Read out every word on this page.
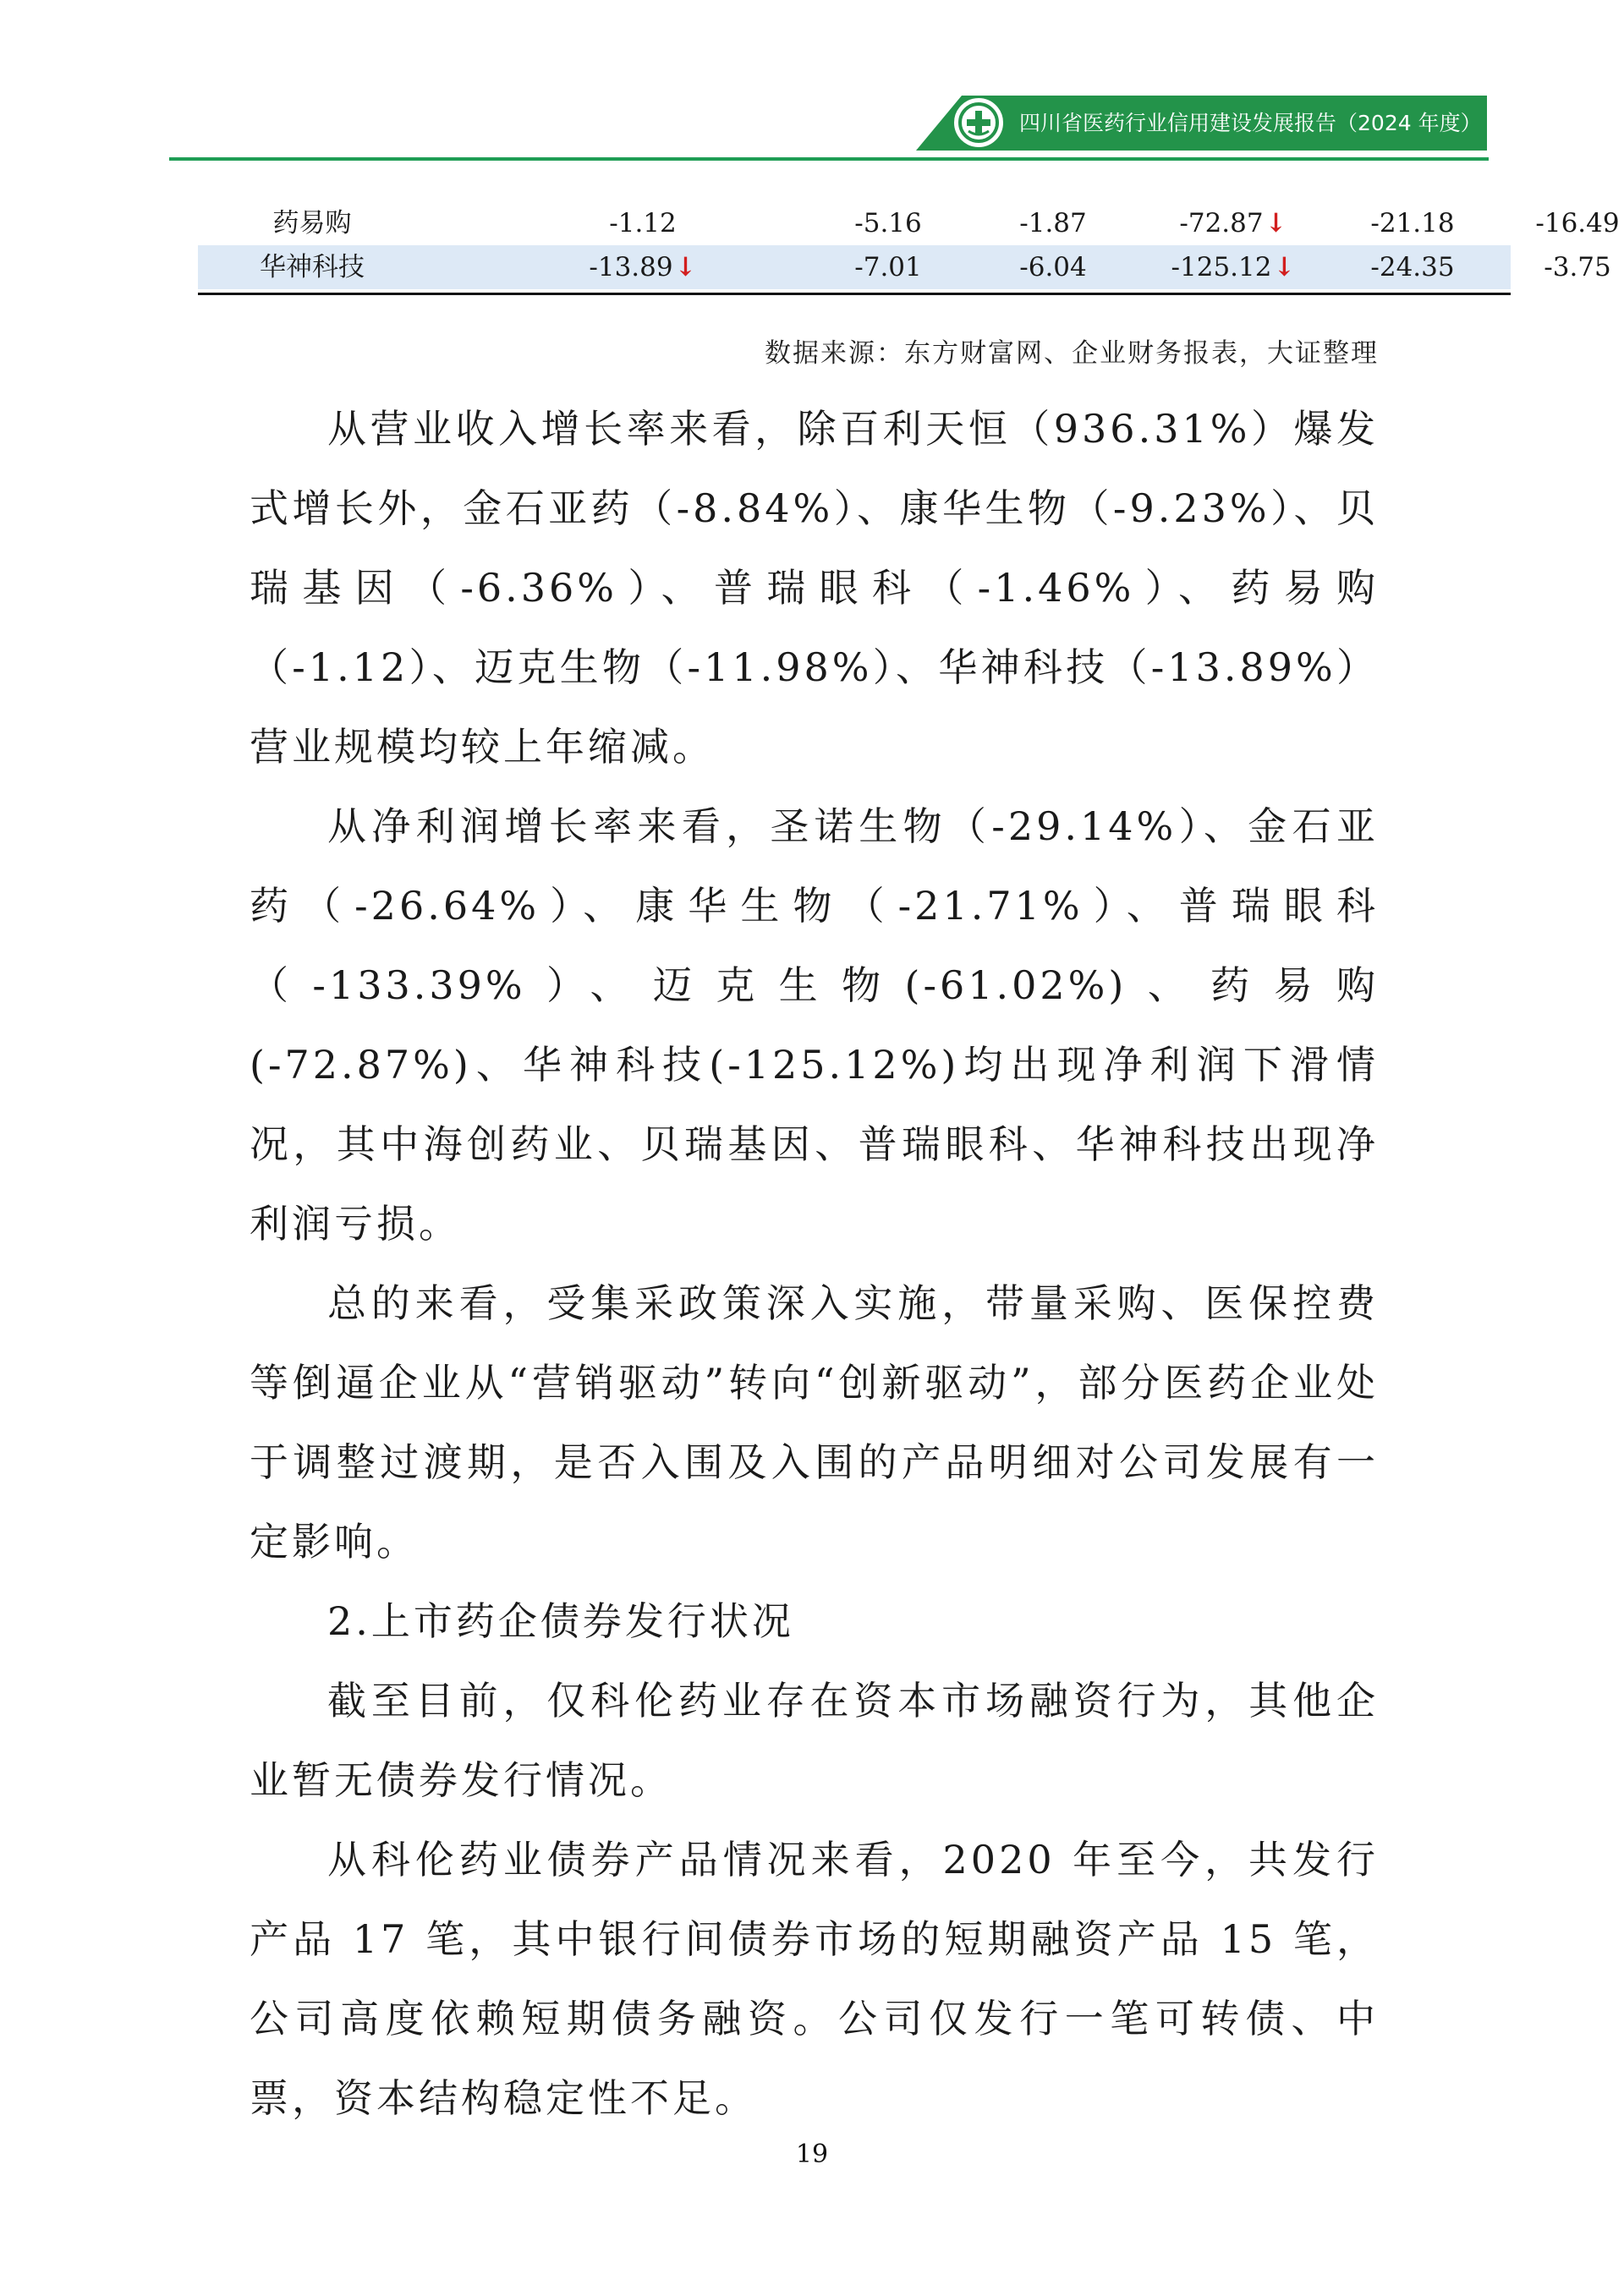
四川省医药行业信用建设发展报告（2024 年度）
药易购	-1.12	-5.16	-1.87	-72.87 ↓	-21.18	-16.49
华神科技	-13.89 ↓	-7.01	-6.04	-125.12 ↓	-24.35	-3.75
数据来源：东方财富网、企业财务报表，大证整理

从营业收入增长率来看，除百利天恒（936.31%）爆发式增长外，金石亚药（-8.84%）、康华生物（-9.23%）、贝瑞基因（-6.36%）、普瑞眼科（-1.46%）、药易购（-1.12）、迈克生物（-11.98%）、华神科技（-13.89%）营业规模均较上年缩减。

从净利润增长率来看，圣诺生物（-29.14%）、金石亚药（-26.64%）、康华生物（-21.71%）、普瑞眼科（-133.39%）、迈克生物(-61.02%)、药易购(-72.87%)、华神科技(-125.12%)均出现净利润下滑情况，其中海创药业、贝瑞基因、普瑞眼科、华神科技出现净利润亏损。

总的来看，受集采政策深入实施，带量采购、医保控费等倒逼企业从“营销驱动”转向“创新驱动”，部分医药企业处于调整过渡期，是否入围及入围的产品明细对公司发展有一定影响。

2.上市药企债券发行状况

截至目前，仅科伦药业存在资本市场融资行为，其他企业暂无债券发行情况。

从科伦药业债券产品情况来看，2020 年至今，共发行产品 17 笔，其中银行间债券市场的短期融资产品 15 笔，公司高度依赖短期债务融资。公司仅发行一笔可转债、中票，资本结构稳定性不足。

19
